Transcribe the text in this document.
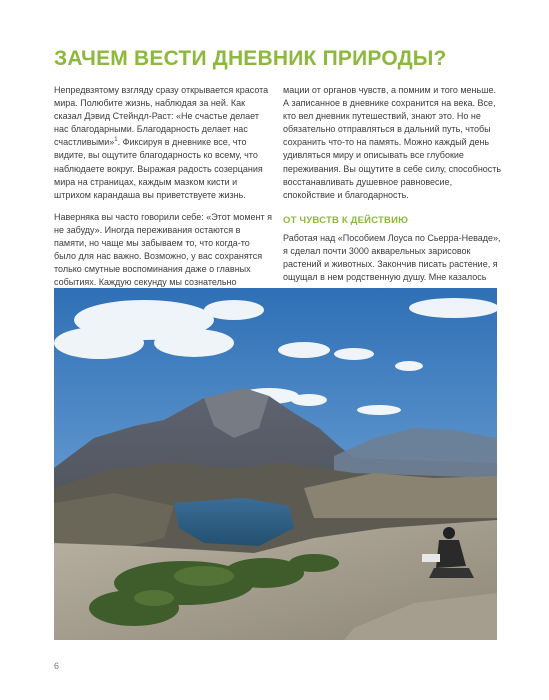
ЗАЧЕМ ВЕСТИ ДНЕВНИК ПРИРОДЫ?

Непредвзятому взгляду сразу открывается красота мира. Полюбите жизнь, наблюдая за ней. Как сказал Дэвид Стейндл-Раст: «Не счастье делает нас благодарными. Благодарность делает нас счастливыми»$^1$. Фиксируя в дневнике все, что видите, вы ощутите благодарность ко всему, что наблюдаете вокруг. Выражая радость созерцания мира на страницах, каждым мазком кисти и штрихом карандаша вы приветствуете жизнь.

Наверняка вы часто говорили себе: «Этот момент я не забуду». Иногда переживания остаются в памяти, но чаще мы забываем то, что когда-то было для нас важно. Возможно, у вас сохранятся только смутные воспоминания даже о главных событиях. Каждую секунду мы сознательно

мации от органов чувств, а помним и того меньше. А записанное в дневнике сохранится на века. Все, кто вел дневник путешествий, знают это. Но не обязательно отправляться в дальний путь, чтобы сохранить что-то на память. Можно каждый день удивляться миру и описывать все глубокие переживания. Вы ощутите в себе силу, способность восстанавливать душевное равновесие, спокойствие и благодарность.

ОТ ЧУВСТВ К ДЕЙСТВИЮ

Работая над «Пособием Лоуса по Сьерра-Неваде», я сделал почти 3000 акварельных зарисовок растений и животных. Закончив писать растение, я ощущал в нем родственную душу. Мне казалось

6
